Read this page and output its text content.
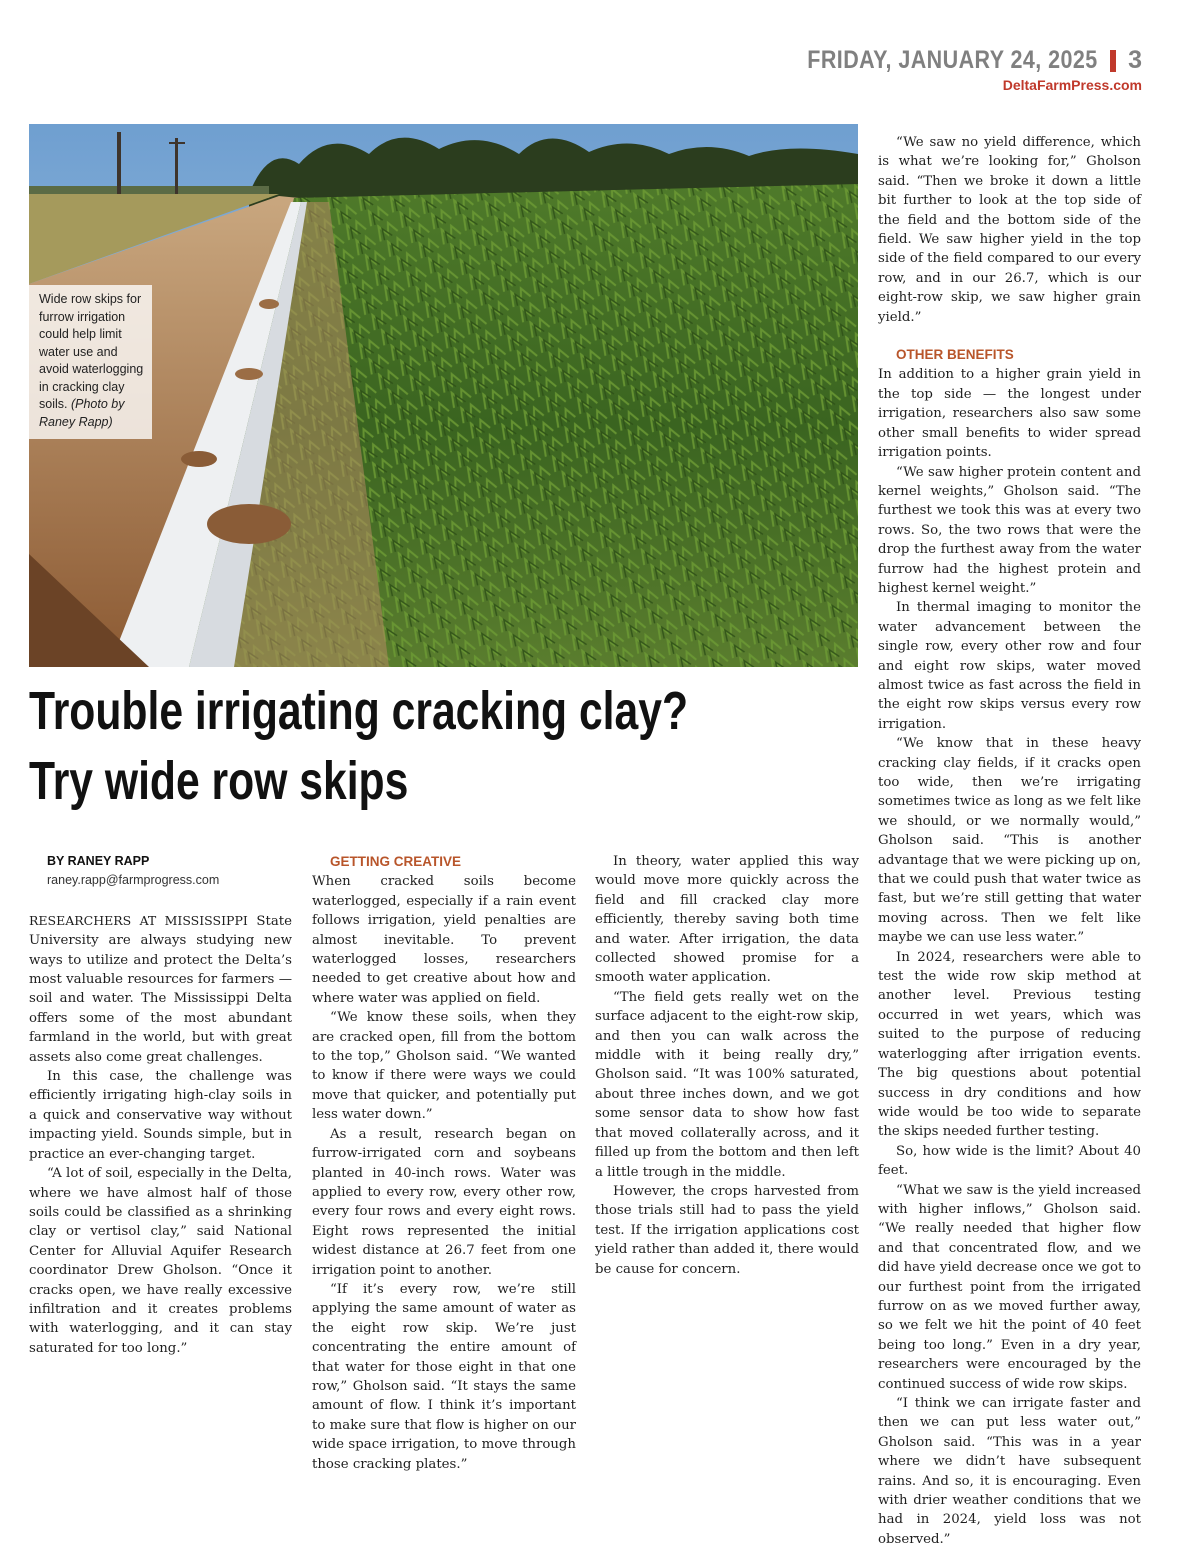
FRIDAY, JANUARY 24, 2025 3
DeltaFarmPress.com
Wide row skips for furrow irrigation could help limit water use and avoid waterlogging in cracking clay soils. (Photo by Raney Rapp)
Trouble irrigating cracking clay?
Try wide row skips

BY RANEY RAPP

raney.rapp@farmprogress.com

RESEARCHERS AT MISSISSIPPI State University are always studying new ways to utilize and protect the Delta’s most valuable resources for farmers — soil and water. The Mississippi Delta offers some of the most abundant farmland in the world, but with great assets also come great challenges.

In this case, the challenge was efficiently irrigating high-clay soils in a quick and conservative way without impacting yield. Sounds simple, but in practice an ever-changing target.

“A lot of soil, especially in the Delta, where we have almost half of those soils could be classified as a shrinking clay or vertisol clay,” said National Center for Alluvial Aquifer Research coordinator Drew Gholson. “Once it cracks open, we have really excessive infiltration and it creates problems with waterlogging, and it can stay saturated for too long.”

GETTING CREATIVE

When cracked soils become waterlogged, especially if a rain event follows irrigation, yield penalties are almost inevitable. To prevent waterlogged losses, researchers needed to get creative about how and where water was applied on field.

“We know these soils, when they are cracked open, fill from the bottom to the top,” Gholson said. “We wanted to know if there were ways we could move that quicker, and potentially put less water down.”

As a result, research began on furrow-irrigated corn and soybeans planted in 40-inch rows. Water was applied to every row, every other row, every four rows and every eight rows. Eight rows represented the initial widest distance at 26.7 feet from one irrigation point to another.

“If it’s every row, we’re still applying the same amount of water as the eight row skip. We’re just concentrating the entire amount of that water for those eight in that one row,” Gholson said. “It stays the same amount of flow. I think it’s important to make sure that flow is higher on our wide space irrigation, to move through those cracking plates.”

In theory, water applied this way would move more quickly across the field and fill cracked clay more efficiently, thereby saving both time and water. After irrigation, the data collected showed promise for a smooth water application.

“The field gets really wet on the surface adjacent to the eight-row skip, and then you can walk across the middle with it being really dry,” Gholson said. “It was 100% saturated, about three inches down, and we got some sensor data to show how fast that moved collaterally across, and it filled up from the bottom and then left a little trough in the middle.

However, the crops harvested from those trials still had to pass the yield test. If the irrigation applications cost yield rather than added it, there would be cause for concern.

“We saw no yield difference, which is what we’re looking for,” Gholson said. “Then we broke it down a little bit further to look at the top side of the field and the bottom side of the field. We saw higher yield in the top side of the field compared to our every row, and in our 26.7, which is our eight-row skip, we saw higher grain yield.”

OTHER BENEFITS

In addition to a higher grain yield in the top side — the longest under irrigation, researchers also saw some other small benefits to wider spread irrigation points.

“We saw higher protein content and kernel weights,” Gholson said. “The furthest we took this was at every two rows. So, the two rows that were the drop the furthest away from the water furrow had the highest protein and highest kernel weight.”

In thermal imaging to monitor the water advancement between the single row, every other row and four and eight row skips, water moved almost twice as fast across the field in the eight row skips versus every row irrigation.

“We know that in these heavy cracking clay fields, if it cracks open too wide, then we’re irrigating sometimes twice as long as we felt like we should, or we normally would,” Gholson said. “This is another advantage that we were picking up on, that we could push that water twice as fast, but we’re still getting that water moving across. Then we felt like maybe we can use less water.”

In 2024, researchers were able to test the wide row skip method at another level. Previous testing occurred in wet years, which was suited to the purpose of reducing waterlogging after irrigation events. The big questions about potential success in dry conditions and how wide would be too wide to separate the skips needed further testing.

So, how wide is the limit? About 40 feet.

“What we saw is the yield increased with higher inflows,” Gholson said. “We really needed that higher flow and that concentrated flow, and we did have yield decrease once we got to our furthest point from the irrigated furrow on as we moved further away, so we felt we hit the point of 40 feet being too long.” Even in a dry year, researchers were encouraged by the continued success of wide row skips.

“I think we can irrigate faster and then we can put less water out,” Gholson said. “This was in a year where we didn’t have subsequent rains. And so, it is encouraging. Even with drier weather conditions that we had in 2024, yield loss was not observed.”
